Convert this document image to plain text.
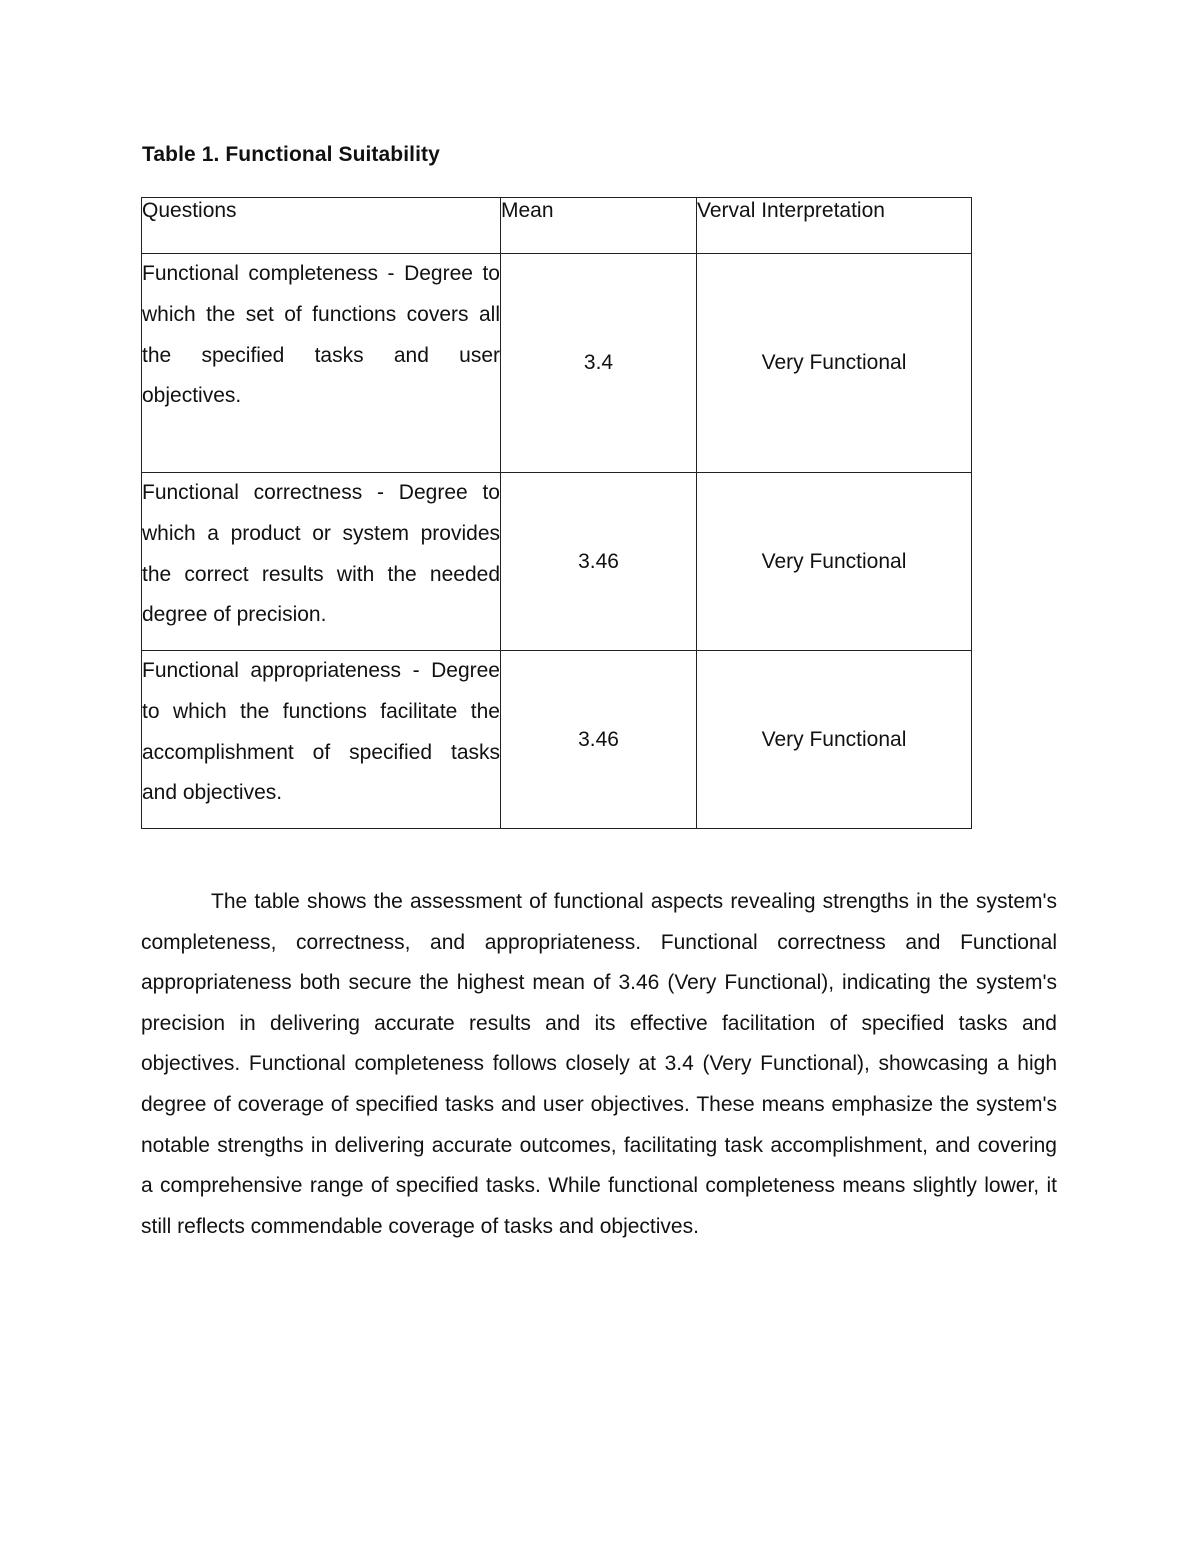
Table 1. Functional Suitability
Questions	Mean	Verval Interpretation
Functional completeness - Degree to which the set of functions covers all the specified tasks and user objectives.	3.4	Very Functional
Functional correctness - Degree to which a product or system provides the correct results with the needed degree of precision.	3.46	Very Functional
Functional appropriateness - Degree to which the functions facilitate the accomplishment of specified tasks and objectives.	3.46	Very Functional

The table shows the assessment of functional aspects revealing strengths in the system's completeness, correctness, and appropriateness. Functional correctness and Functional appropriateness both secure the highest mean of 3.46 (Very Functional), indicating the system's precision in delivering accurate results and its effective facilitation of specified tasks and objectives. Functional completeness follows closely at 3.4 (Very Functional), showcasing a high degree of coverage of specified tasks and user objectives. These means emphasize the system's notable strengths in delivering accurate outcomes, facilitating task accomplishment, and covering a comprehensive range of specified tasks. While functional completeness means slightly lower, it still reflects commendable coverage of tasks and objectives.
